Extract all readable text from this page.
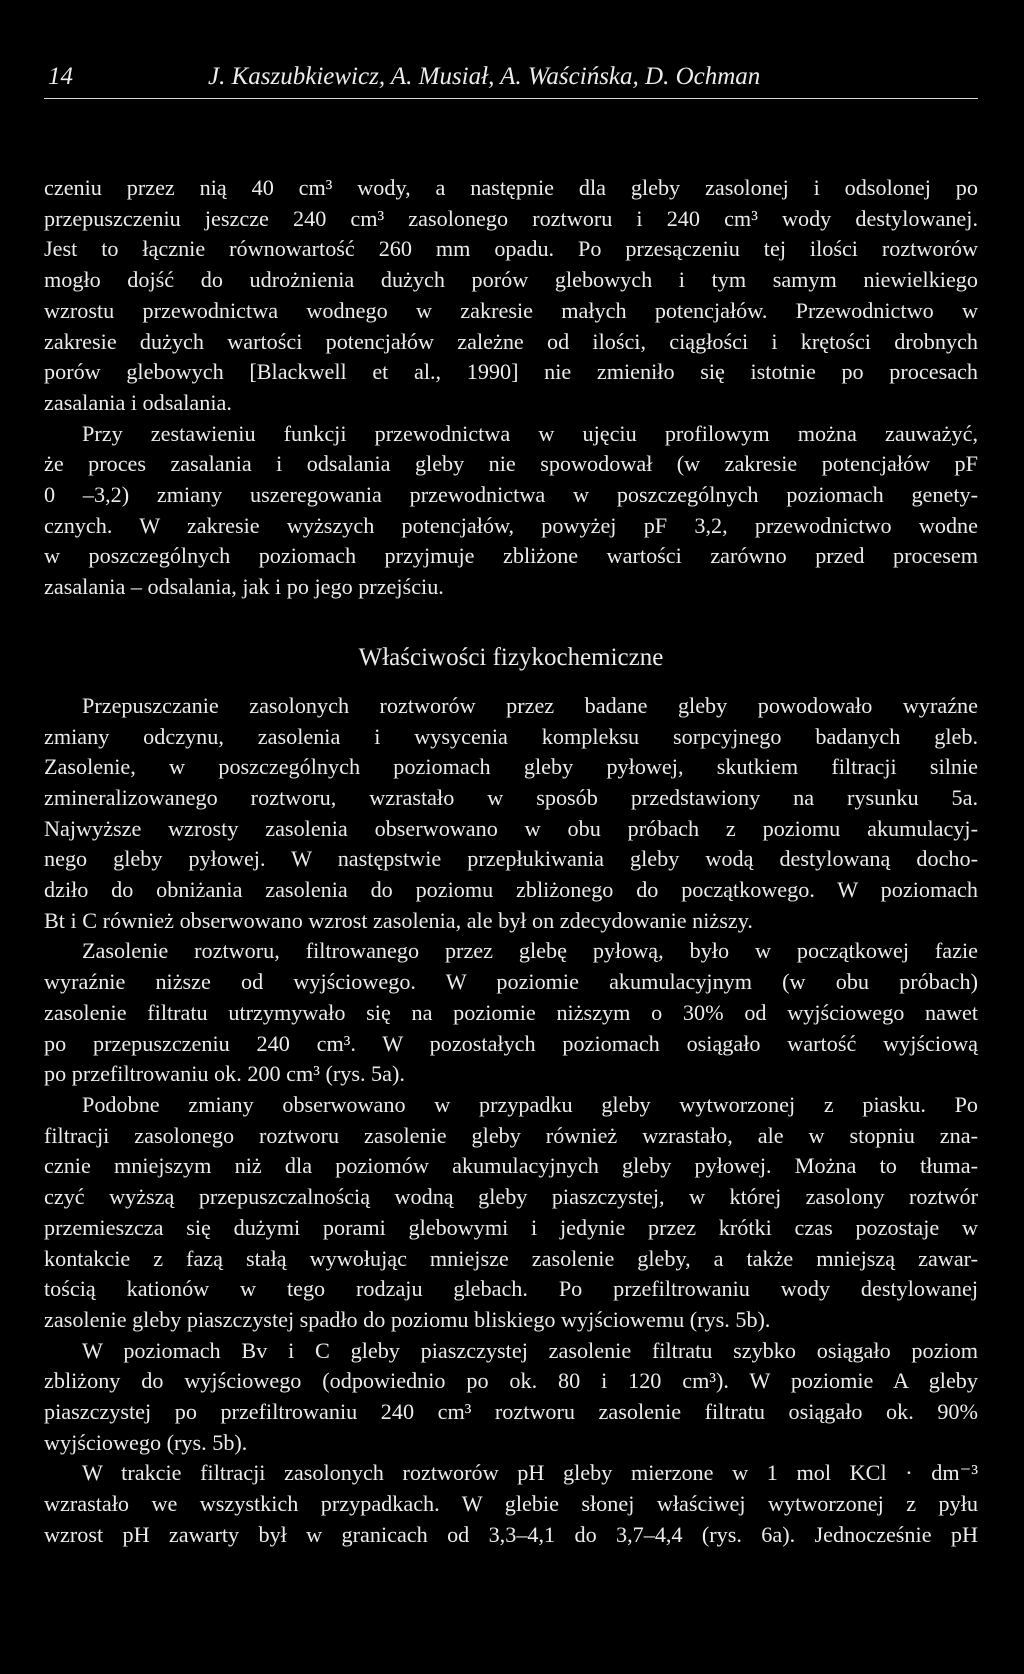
14	J. Kaszubkiewicz, A. Musiał, A. Waścińska, D. Ochman

czeniu przez nią 40 cm³ wody, a następnie dla gleby zasolonej i odsolonej po
przepuszczeniu jeszcze 240 cm³ zasolonego roztworu i 240 cm³ wody destylowanej.
Jest to łącznie równowartość 260 mm opadu. Po przesączeniu tej ilości roztworów
mogło dojść do udrożnienia dużych porów glebowych i tym samym niewielkiego
wzrostu przewodnictwa wodnego w zakresie małych potencjałów. Przewodnictwo w
zakresie dużych wartości potencjałów zależne od ilości, ciągłości i krętości drobnych
porów glebowych [Blackwell et al., 1990] nie zmieniło się istotnie po procesach
zasalania i odsalania.

Przy zestawieniu funkcji przewodnictwa w ujęciu profilowym można zauważyć,
że proces zasalania i odsalania gleby nie spowodował (w zakresie potencjałów pF
0 –3,2) zmiany uszeregowania przewodnictwa w poszczególnych poziomach genety-
cznych. W zakresie wyższych potencjałów, powyżej pF 3,2, przewodnictwo wodne
w poszczególnych poziomach przyjmuje zbliżone wartości zarówno przed procesem
zasalania – odsalania, jak i po jego przejściu.

Właściwości fizykochemiczne

Przepuszczanie zasolonych roztworów przez badane gleby powodowało wyraźne
zmiany odczynu, zasolenia i wysycenia kompleksu sorpcyjnego badanych gleb.
Zasolenie, w poszczególnych poziomach gleby pyłowej, skutkiem filtracji silnie
zmineralizowanego roztworu, wzrastało w sposób przedstawiony na rysunku 5a.
Najwyższe wzrosty zasolenia obserwowano w obu próbach z poziomu akumulacyj-
nego gleby pyłowej. W następstwie przepłukiwania gleby wodą destylowaną docho-
dziło do obniżania zasolenia do poziomu zbliżonego do początkowego. W poziomach
Bt i C również obserwowano wzrost zasolenia, ale był on zdecydowanie niższy.

Zasolenie roztworu, filtrowanego przez glebę pyłową, było w początkowej fazie
wyraźnie niższe od wyjściowego. W poziomie akumulacyjnym (w obu próbach)
zasolenie filtratu utrzymywało się na poziomie niższym o 30% od wyjściowego nawet
po przepuszczeniu 240 cm³. W pozostałych poziomach osiągało wartość wyjściową
po przefiltrowaniu ok. 200 cm³ (rys. 5a).

Podobne zmiany obserwowano w przypadku gleby wytworzonej z piasku. Po
filtracji zasolonego roztworu zasolenie gleby również wzrastało, ale w stopniu zna-
cznie mniejszym niż dla poziomów akumulacyjnych gleby pyłowej. Można to tłuma-
czyć wyższą przepuszczalnością wodną gleby piaszczystej, w której zasolony roztwór
przemieszcza się dużymi porami glebowymi i jedynie przez krótki czas pozostaje w
kontakcie z fazą stałą wywołując mniejsze zasolenie gleby, a także mniejszą zawar-
tością kationów w tego rodzaju glebach. Po przefiltrowaniu wody destylowanej
zasolenie gleby piaszczystej spadło do poziomu bliskiego wyjściowemu (rys. 5b).

W poziomach Bv i C gleby piaszczystej zasolenie filtratu szybko osiągało poziom
zbliżony do wyjściowego (odpowiednio po ok. 80 i 120 cm³). W poziomie A gleby
piaszczystej po przefiltrowaniu 240 cm³ roztworu zasolenie filtratu osiągało ok. 90%
wyjściowego (rys. 5b).

W trakcie filtracji zasolonych roztworów pH gleby mierzone w 1 mol KCl · dm⁻³
wzrastało we wszystkich przypadkach. W glebie słonej właściwej wytworzonej z pyłu
wzrost pH zawarty był w granicach od 3,3–4,1 do 3,7–4,4 (rys. 6a). Jednocześnie pH
